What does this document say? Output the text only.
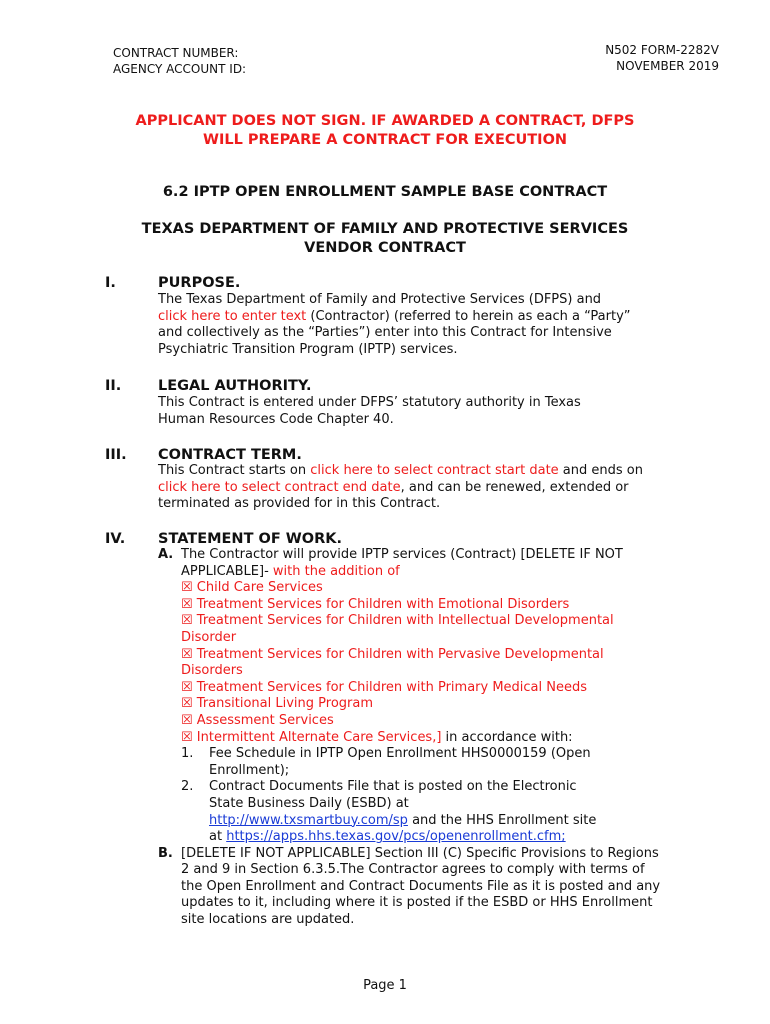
CONTRACT NUMBER:
AGENCY ACCOUNT ID:
N502 FORM-2282V
NOVEMBER 2019
APPLICANT DOES NOT SIGN. IF AWARDED A CONTRACT, DFPS
WILL PREPARE A CONTRACT FOR EXECUTION
6.2 IPTP OPEN ENROLLMENT SAMPLE BASE CONTRACT
TEXAS DEPARTMENT OF FAMILY AND PROTECTIVE SERVICES
VENDOR CONTRACT
I.	PURPOSE.
The Texas Department of Family and Protective Services (DFPS) and
click here to enter text (Contractor) (referred to herein as each a “Party” and collectively as the “Parties”) enter into this Contract for Intensive Psychiatric Transition Program (IPTP) services.
II.	LEGAL AUTHORITY.
This Contract is entered under DFPS’ statutory authority in Texas Human Resources Code Chapter 40.
III. CONTRACT TERM.
This Contract starts on click here to select contract start date and ends on click here to select contract end date, and can be renewed, extended or terminated as provided for in this Contract.
IV. STATEMENT OF WORK.
A. The Contractor will provide IPTP services (Contract) [DELETE IF NOT APPLICABLE]- with the addition of
☒ Child Care Services
☒ Treatment Services for Children with Emotional Disorders
☒ Treatment Services for Children with Intellectual Developmental Disorder
☒ Treatment Services for Children with Pervasive Developmental Disorders
☒ Treatment Services for Children with Primary Medical Needs
☒ Transitional Living Program
☒ Assessment Services
☒ Intermittent Alternate Care Services,] in accordance with:
1.	Fee Schedule in IPTP Open Enrollment HHS0000159 (Open Enrollment);
2.	Contract Documents File that is posted on the Electronic State Business Daily (ESBD) at http://www.txsmartbuy.com/sp and the HHS Enrollment site at https://apps.hhs.texas.gov/pcs/openenrollment.cfm;
B. [DELETE IF NOT APPLICABLE] Section III (C) Specific Provisions to Regions 2 and 9 in Section 6.3.5.The Contractor agrees to comply with terms of the Open Enrollment and Contract Documents File as it is posted and any updates to it, including where it is posted if the ESBD or HHS Enrollment site locations are updated.
Page 1
